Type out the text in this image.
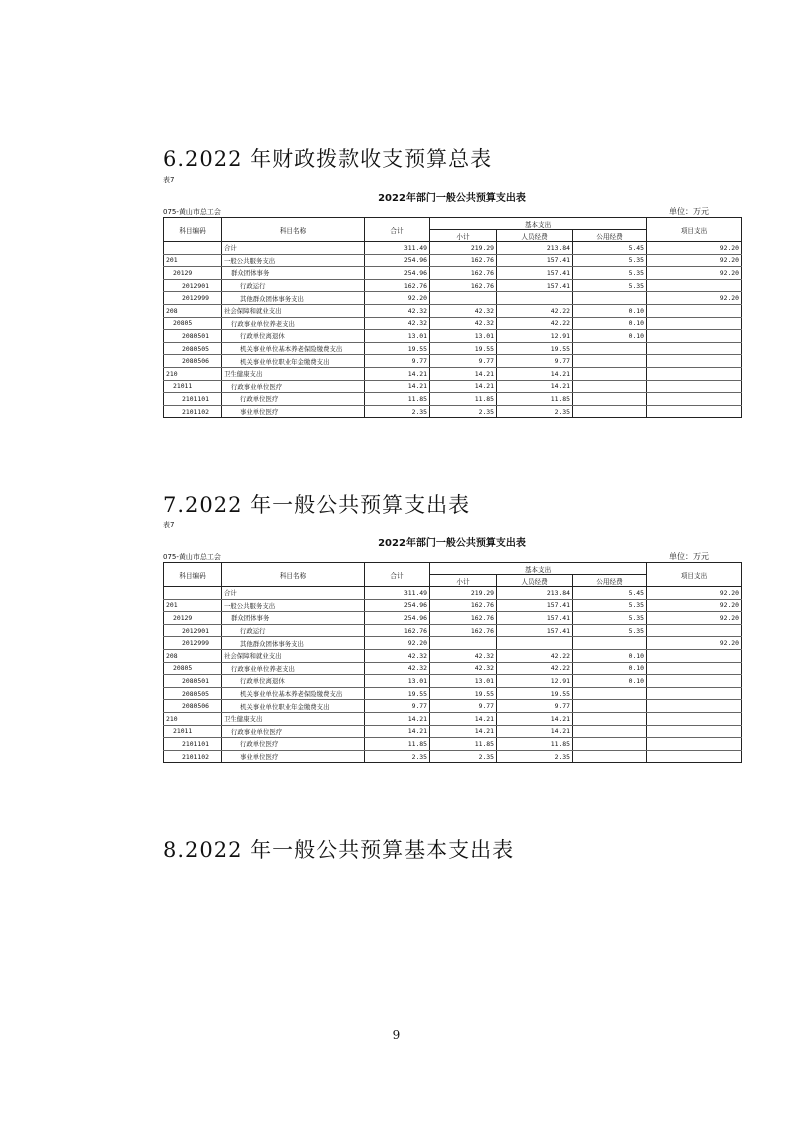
6.2022 年财政拨款收支预算总表
表7
2022年部门一般公共预算支出表
075-黄山市总工会	单位：万元
科目编码	科目名称	合计	基本支出			项目支出
			小计	人员经费	公用经费	
	合计	311.49	219.29	213.84	5.45	92.20
201	一般公共服务支出	254.96	162.76	157.41	5.35	92.20
20129	群众团体事务	254.96	162.76	157.41	5.35	92.20
2012901	行政运行	162.76	162.76	157.41	5.35	
2012999	其他群众团体事务支出	92.20				92.20
208	社会保障和就业支出	42.32	42.32	42.22	0.10	
20805	行政事业单位养老支出	42.32	42.32	42.22	0.10	
2080501	行政单位离退休	13.01	13.01	12.91	0.10	
2080505	机关事业单位基本养老保险缴费支出	19.55	19.55	19.55		
2080506	机关事业单位职业年金缴费支出	9.77	9.77	9.77		
210	卫生健康支出	14.21	14.21	14.21		
21011	行政事业单位医疗	14.21	14.21	14.21		
2101101	行政单位医疗	11.85	11.85	11.85		
2101102	事业单位医疗	2.35	2.35	2.35		
7.2022 年一般公共预算支出表
表7
2022年部门一般公共预算支出表
075-黄山市总工会	单位：万元
科目编码	科目名称	合计	基本支出			项目支出
			小计	人员经费	公用经费	
	合计	311.49	219.29	213.84	5.45	92.20
201	一般公共服务支出	254.96	162.76	157.41	5.35	92.20
20129	群众团体事务	254.96	162.76	157.41	5.35	92.20
2012901	行政运行	162.76	162.76	157.41	5.35	
2012999	其他群众团体事务支出	92.20				92.20
208	社会保障和就业支出	42.32	42.32	42.22	0.10	
20805	行政事业单位养老支出	42.32	42.32	42.22	0.10	
2080501	行政单位离退休	13.01	13.01	12.91	0.10	
2080505	机关事业单位基本养老保险缴费支出	19.55	19.55	19.55		
2080506	机关事业单位职业年金缴费支出	9.77	9.77	9.77		
210	卫生健康支出	14.21	14.21	14.21		
21011	行政事业单位医疗	14.21	14.21	14.21		
2101101	行政单位医疗	11.85	11.85	11.85		
2101102	事业单位医疗	2.35	2.35	2.35		
8.2022 年一般公共预算基本支出表
9
